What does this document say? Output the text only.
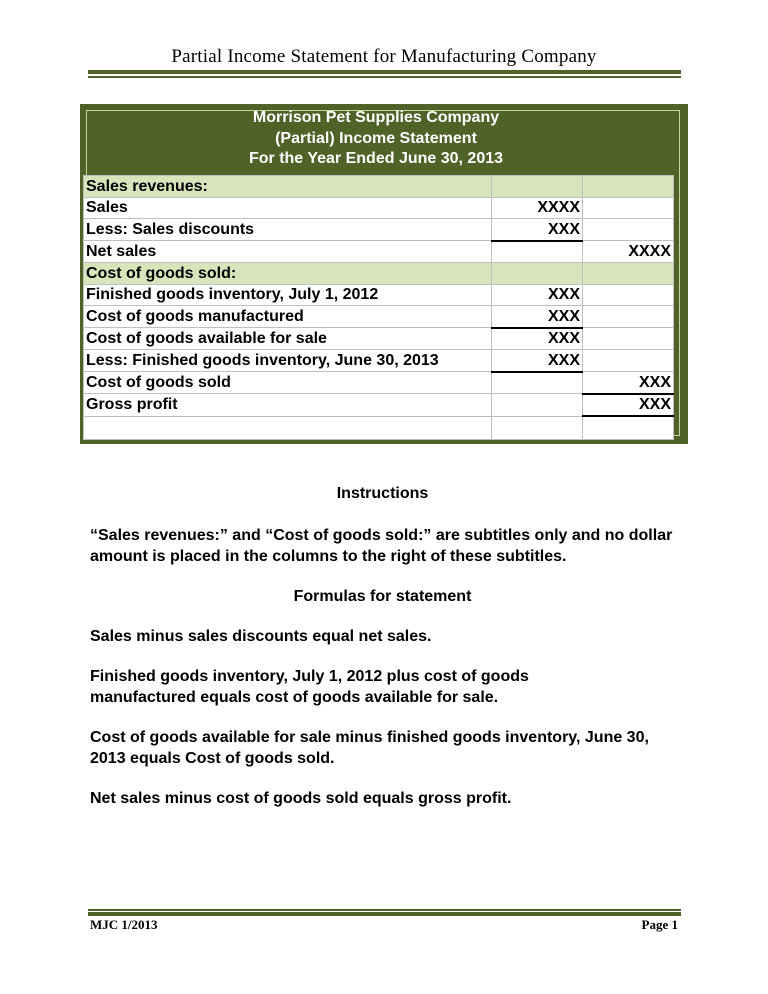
Partial Income Statement for Manufacturing Company
Morrison Pet Supplies Company
(Partial) Income Statement
For the Year Ended June 30, 2013
Sales revenues:		
Sales	XXXX	
Less: Sales discounts	XXX	
Net sales		XXXX
Cost of goods sold:		
Finished goods inventory, July 1, 2012	XXX	
Cost of goods manufactured	XXX	
Cost of goods available for sale	XXX	
Less: Finished goods inventory, June 30, 2013	XXX	
Cost of goods sold		XXX
Gross profit		XXX

Instructions

“Sales revenues:” and “Cost of goods sold:” are subtitles only and no dollar amount is placed in the columns to the right of these subtitles.

Formulas for statement

Sales minus sales discounts equal net sales.

Finished goods inventory, July 1, 2012 plus cost of goods manufactured equals cost of goods available for sale.

Cost of goods available for sale minus finished goods inventory, June 30, 2013 equals Cost of goods sold.

Net sales minus cost of goods sold equals gross profit.

MJC 1/2013	Page 1
